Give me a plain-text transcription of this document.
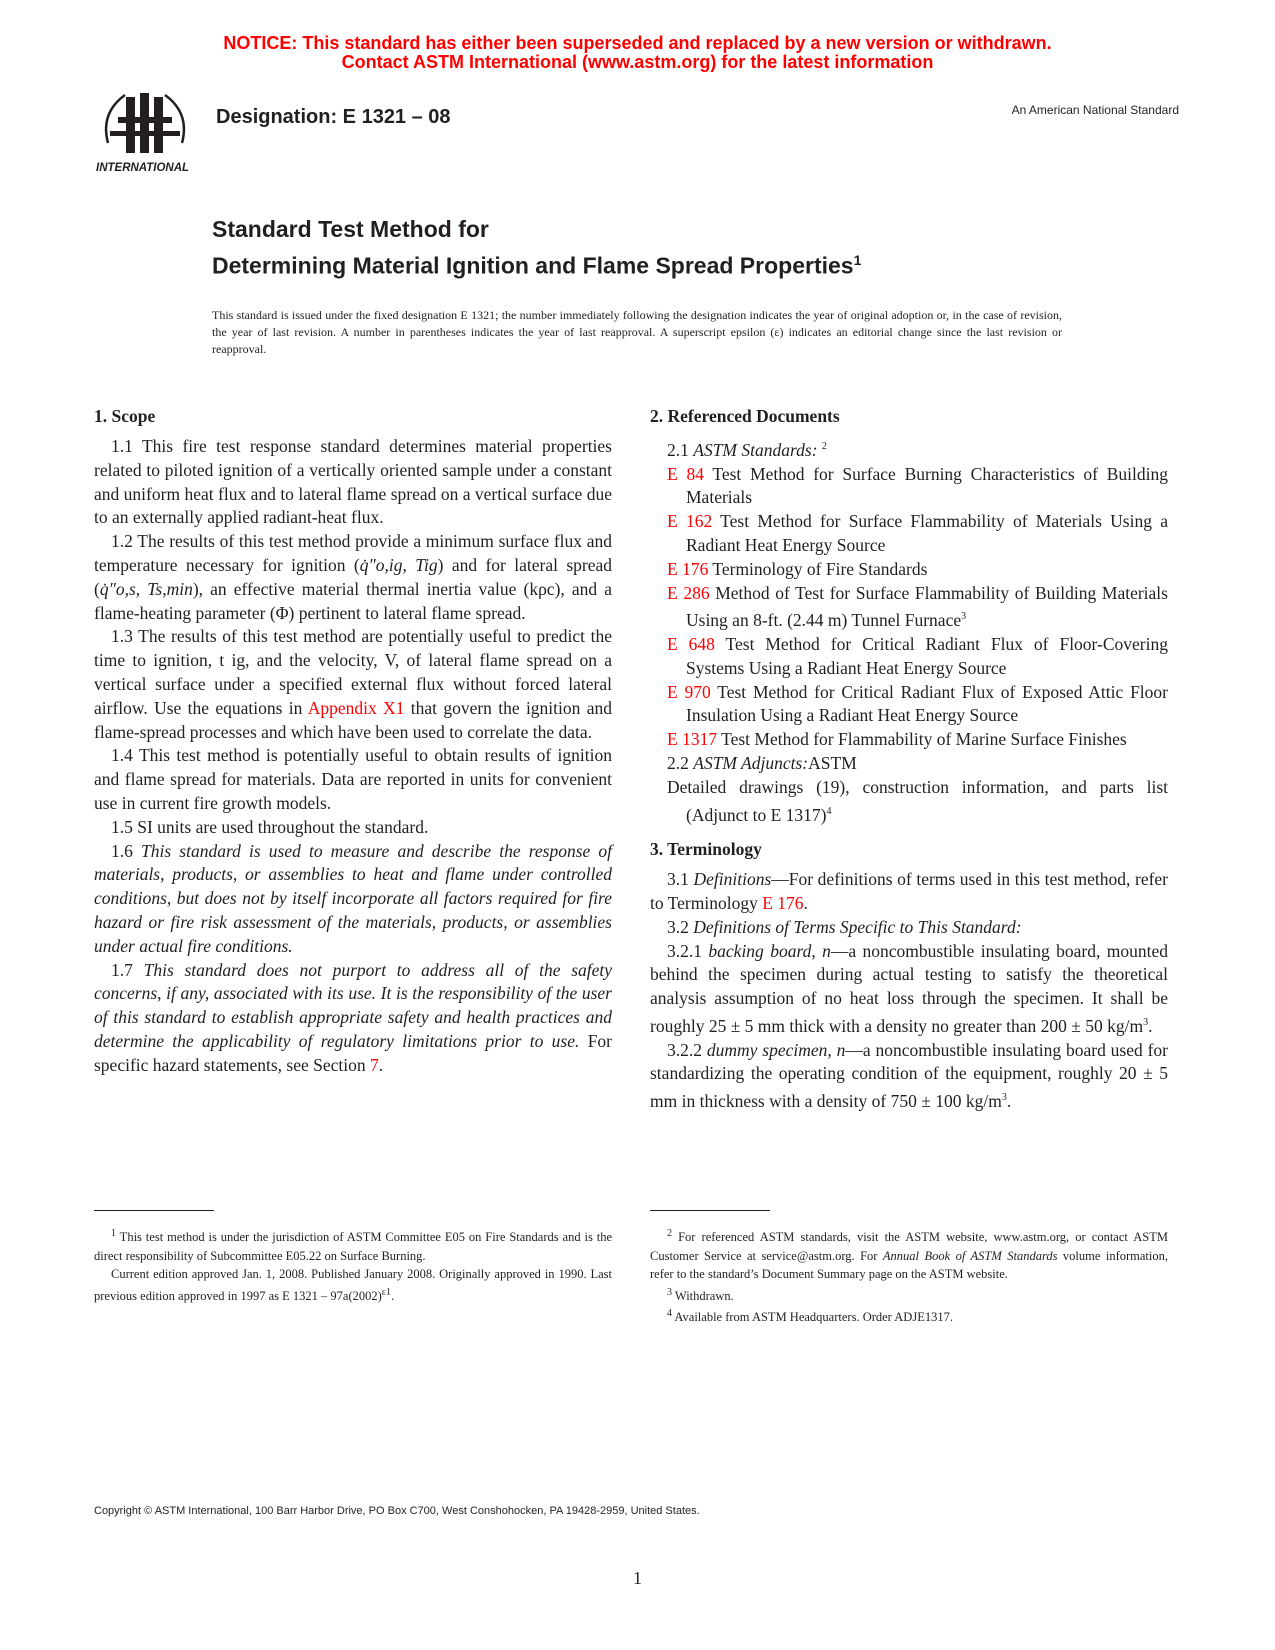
NOTICE: This standard has either been superseded and replaced by a new version or withdrawn.
Contact ASTM International (www.astm.org) for the latest information
INTERNATIONAL
Designation: E 1321 – 08	An American National Standard
Standard Test Method for
Determining Material Ignition and Flame Spread Properties$^1$
This standard is issued under the fixed designation E 1321; the number immediately following the designation indicates the year of original adoption or, in the case of revision, the year of last revision. A number in parentheses indicates the year of last reapproval. A superscript epsilon (ε) indicates an editorial change since the last revision or reapproval.
1. Scope

1.1 This fire test response standard determines material properties related to piloted ignition of a vertically oriented sample under a constant and uniform heat flux and to lateral flame spread on a vertical surface due to an externally applied radiant-heat flux.

1.2 The results of this test method provide a minimum surface flux and temperature necessary for ignition (q̇″o,ig, Tig) and for lateral spread (q̇″o,s, Ts,min), an effective material thermal inertia value (kρc), and a flame-heating parameter (Φ) pertinent to lateral flame spread.

1.3 The results of this test method are potentially useful to predict the time to ignition, t ig, and the velocity, V, of lateral flame spread on a vertical surface under a specified external flux without forced lateral airflow. Use the equations in Appendix X1 that govern the ignition and flame-spread processes and which have been used to correlate the data.

1.4 This test method is potentially useful to obtain results of ignition and flame spread for materials. Data are reported in units for convenient use in current fire growth models.

1.5 SI units are used throughout the standard.

1.6 This standard is used to measure and describe the response of materials, products, or assemblies to heat and flame under controlled conditions, but does not by itself incorporate all factors required for fire hazard or fire risk assessment of the materials, products, or assemblies under actual fire conditions.

1.7 This standard does not purport to address all of the safety concerns, if any, associated with its use. It is the responsibility of the user of this standard to establish appropriate safety and health practices and determine the applicability of regulatory limitations prior to use. For specific hazard statements, see Section 7.

2. Referenced Documents

2.1 ASTM Standards: $^2$

E 84 Test Method for Surface Burning Characteristics of Building Materials

E 162 Test Method for Surface Flammability of Materials Using a Radiant Heat Energy Source

E 176 Terminology of Fire Standards

E 286 Method of Test for Surface Flammability of Building Materials Using an 8-ft. (2.44 m) Tunnel Furnace$^3$

E 648 Test Method for Critical Radiant Flux of Floor-Covering Systems Using a Radiant Heat Energy Source

E 970 Test Method for Critical Radiant Flux of Exposed Attic Floor Insulation Using a Radiant Heat Energy Source

E 1317 Test Method for Flammability of Marine Surface Finishes

2.2 ASTM Adjuncts:ASTM

Detailed drawings (19), construction information, and parts list (Adjunct to E 1317)$^4$

3. Terminology

3.1 Definitions—For definitions of terms used in this test method, refer to Terminology E 176.

3.2 Definitions of Terms Specific to This Standard:

3.2.1 backing board, n—a noncombustible insulating board, mounted behind the specimen during actual testing to satisfy the theoretical analysis assumption of no heat loss through the specimen. It shall be roughly 25 ± 5 mm thick with a density no greater than 200 ± 50 $kg/m^3$.

3.2.2 dummy specimen, n—a noncombustible insulating board used for standardizing the operating condition of the equipment, roughly 20 ± 5 mm in thickness with a density of 750 ± 100 $kg/m^3$.

$^1$ This test method is under the jurisdiction of ASTM Committee E05 on Fire Standards and is the direct responsibility of Subcommittee E05.22 on Surface Burning.

Current edition approved Jan. 1, 2008. Published January 2008. Originally approved in 1990. Last previous edition approved in 1997 as E $1321 - 97a(2002)^{\varepsilon 1}$.

$^2$ For referenced ASTM standards, visit the ASTM website, www.astm.org, or contact ASTM Customer Service at service@astm.org. For Annual Book of ASTM Standards volume information, refer to the standard’s Document Summary page on the ASTM website.

$^3$ Withdrawn.

$^4$ Available from ASTM Headquarters. Order ADJE1317.

Copyright © ASTM International, 100 Barr Harbor Drive, PO Box C700, West Conshohocken, PA 19428-2959, United States.
1
